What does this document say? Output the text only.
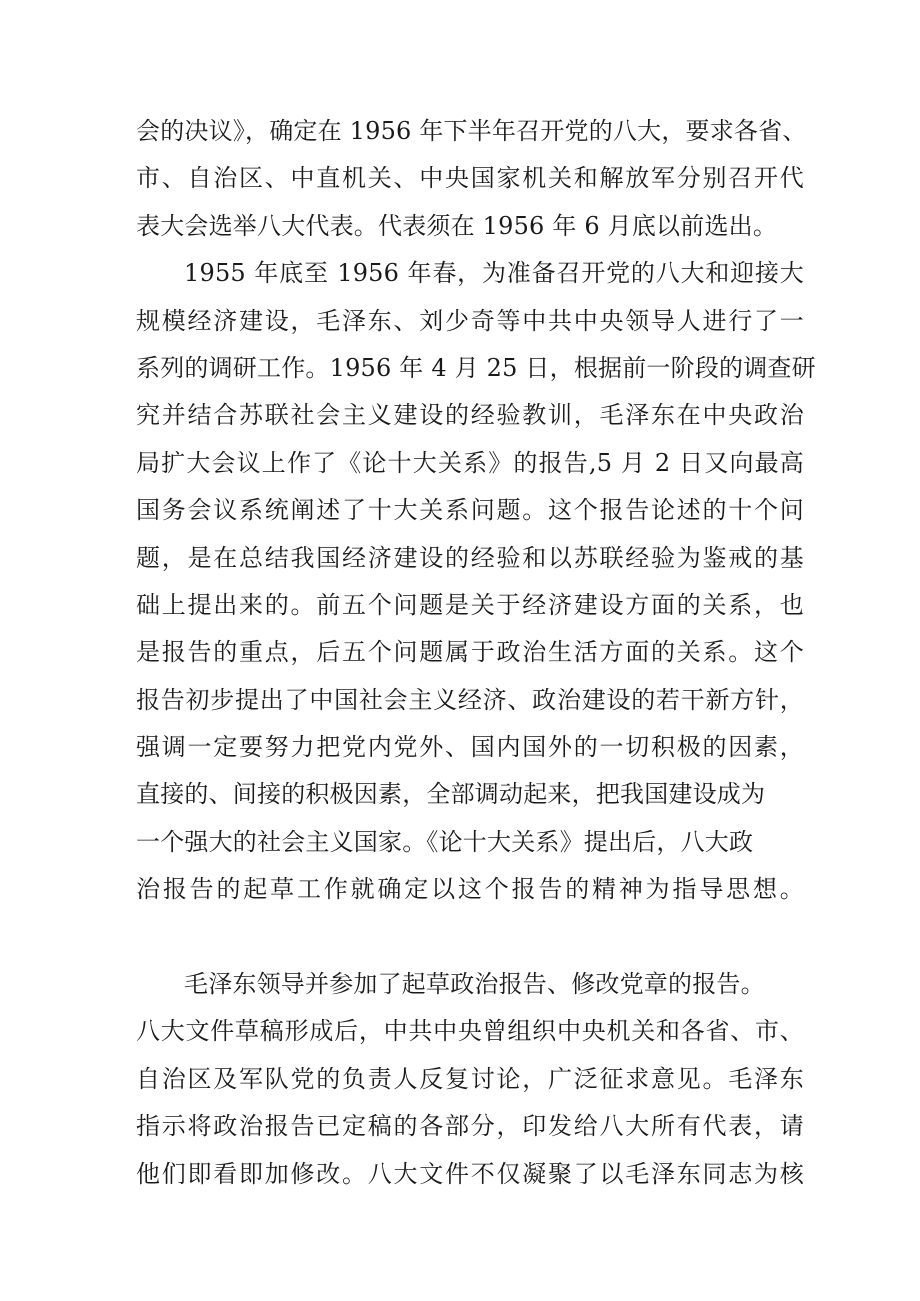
会的决议》，确定在 1956 年下半年召开党的八大，要求各省、
市、自治区、中直机关、中央国家机关和解放军分别召开代
表大会选举八大代表。代表须在 1956 年 6 月底以前选出。
1955 年底至 1956 年春，为准备召开党的八大和迎接大
规模经济建设，毛泽东、刘少奇等中共中央领导人进行了一
系列的调研工作。1956 年 4 月 25 日，根据前一阶段的调查研
究并结合苏联社会主义建设的经验教训，毛泽东在中央政治
局扩大会议上作了《论十大关系》的报告,5 月 2 日又向最高
国务会议系统阐述了十大关系问题。这个报告论述的十个问
题，是在总结我国经济建设的经验和以苏联经验为鉴戒的基
础上提出来的。前五个问题是关于经济建设方面的关系，也
是报告的重点，后五个问题属于政治生活方面的关系。这个
报告初步提出了中国社会主义经济、政治建设的若干新方针，
强调一定要努力把党内党外、国内国外的一切积极的因素，
直接的、间接的积极因素，全部调动起来，把我国建设成为
一个强大的社会主义国家。《论十大关系》提出后，八大政
治报告的起草工作就确定以这个报告的精神为指导思想。
毛泽东领导并参加了起草政治报告、修改党章的报告。
八大文件草稿形成后，中共中央曾组织中央机关和各省、市、
自治区及军队党的负责人反复讨论，广泛征求意见。毛泽东
指示将政治报告已定稿的各部分，印发给八大所有代表，请
他们即看即加修改。八大文件不仅凝聚了以毛泽东同志为核
